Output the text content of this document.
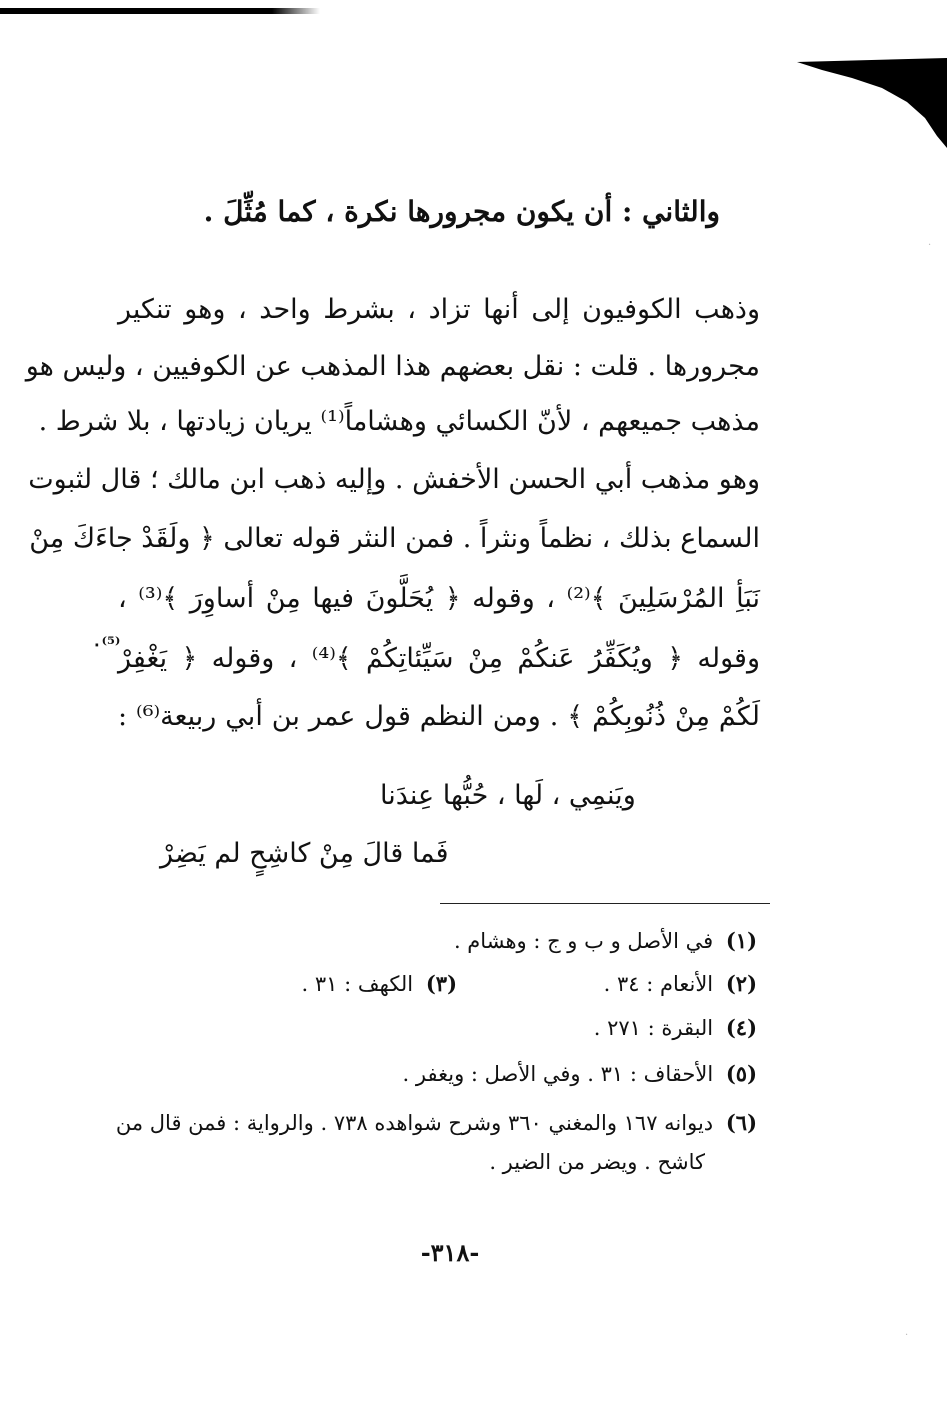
والثاني : أن يكون مجرورها نكرة ، كما مُثِّلَ .
وذهب الكوفيون إلى أنها تزاد ، بشرط واحد ، وهو تنكير
مجرورها . قلت : نقل بعضهم هذا المذهب عن الكوفيين ، وليس هو
مذهب جميعهم ، لأنّ الكسائي وهشاماً⁽¹⁾ يريان زيادتها ، بلا شرط .
وهو مذهب أبي الحسن الأخفش . وإليه ذهب ابن مالك ؛ قال لثبوت
السماع بذلك ، نظماً ونثراً . فمن النثر قوله تعالى ﴿ ولَقَدْ جاءَكَ مِنْ
نَبَأِ المُرْسَلِينَ ﴾⁽²⁾ ، وقوله ﴿ يُحَلَّونَ فيها مِنْ أساوِرَ ﴾⁽³⁾ ،
وقوله ﴿ ويُكَفِّرُ عَنكُمْ مِنْ سَيِّئاتِكُمْ ﴾⁽⁴⁾ ، وقوله ﴿ يَغْفِرْ
لَكُمْ مِنْ ذُنُوبِكُمْ ﴾ . ومن النظم قول عمر بن أبي ربيعة⁽⁶⁾ :
⁽⁵⁾٠
ويَنمِي ، لَها ، حُبُّها عِندَنا
فَما قالَ مِنْ كاشِحٍ لم يَضِرْ
(١) في الأصل و ب و ج : وهشام .
(٢) الأنعام : ٣٤ .
(٣) الكهف : ٣١ .
(٤) البقرة : ٢٧١ .
(٥) الأحقاف : ٣١ . وفي الأصل : ويغفر .
(٦) ديوانه ١٦٧ والمغني ٣٦٠ وشرح شواهده ٧٣٨ . والرواية : فمن قال من
كاشح . ويضر من الضير .
-٣١٨-
·
·
